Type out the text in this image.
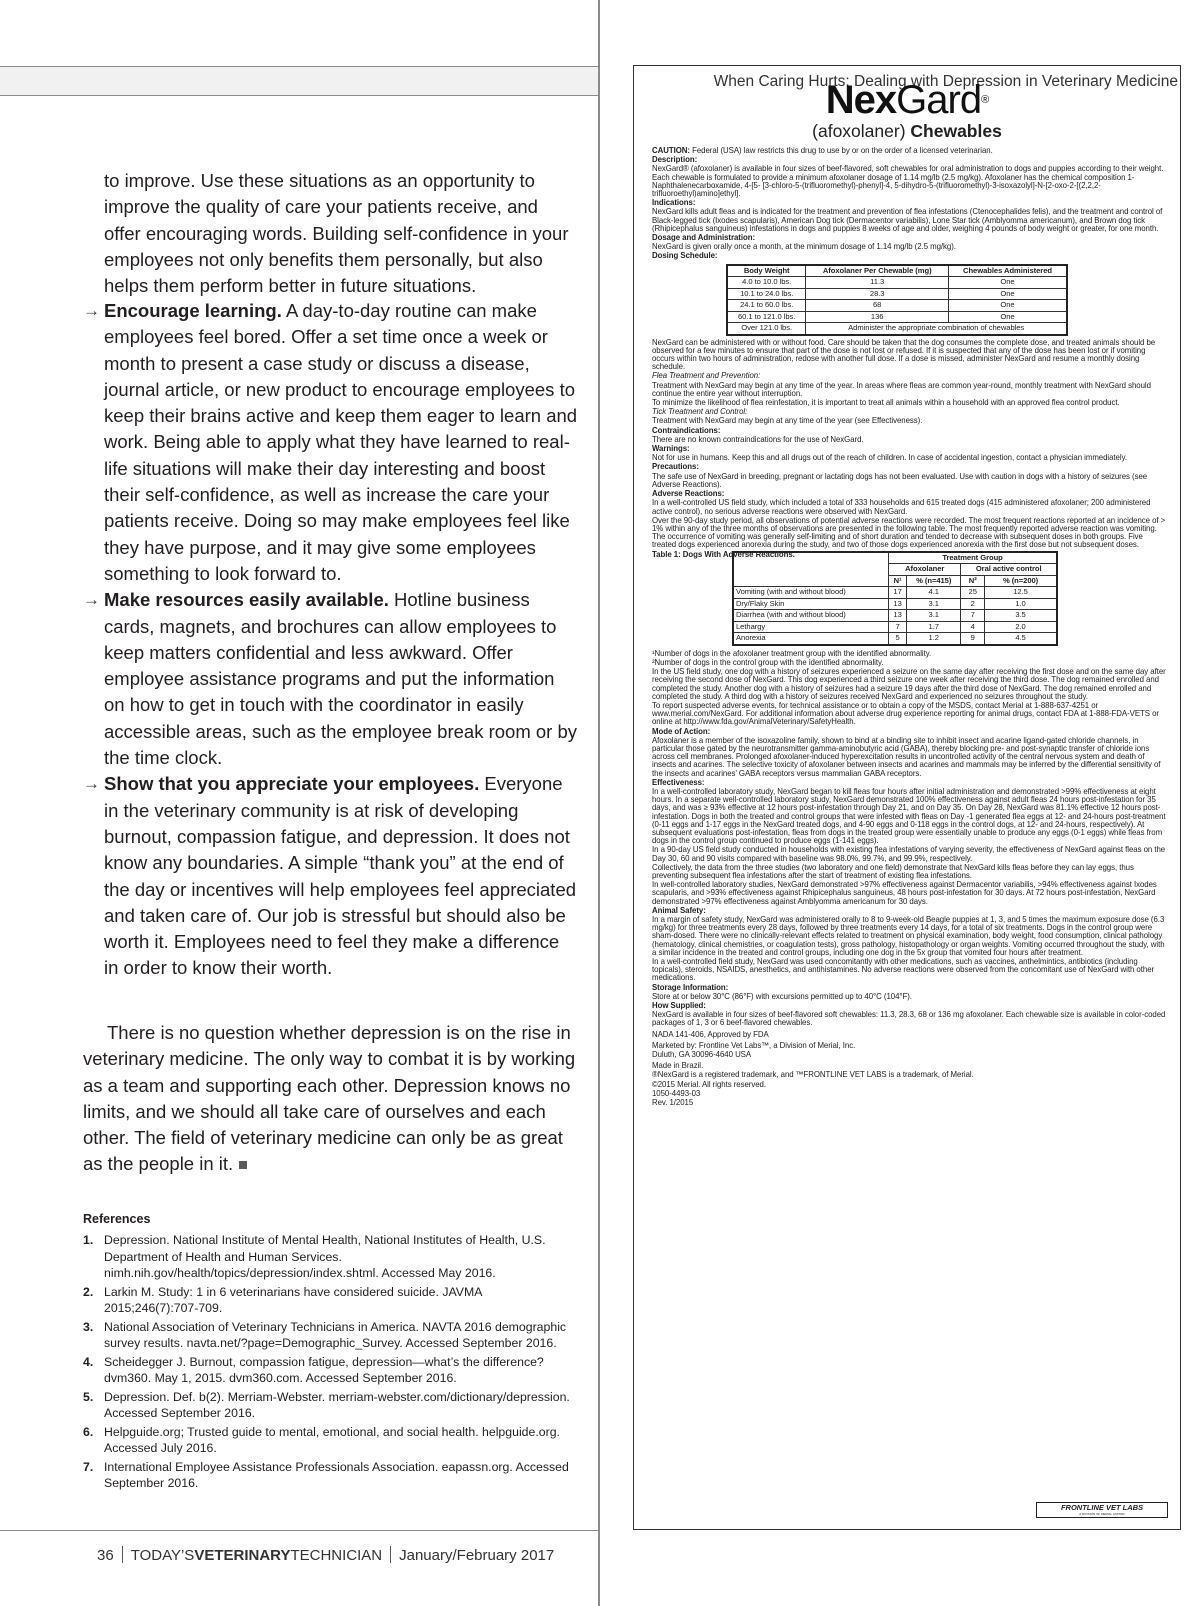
When Caring Hurts: Dealing with Depression in Veterinary Medicine

to improve. Use these situations as an opportunity to improve the quality of care your patients receive, and offer encouraging words. Building self-confidence in your employees not only benefits them personally, but also helps them perform better in future situations.

→ Encourage learning. A day-to-day routine can make employees feel bored. Offer a set time once a week or month to present a case study or discuss a disease, journal article, or new product to encourage employees to keep their brains active and keep them eager to learn and work. Being able to apply what they have learned to real-life situations will make their day interesting and boost their self-confidence, as well as increase the care your patients receive. Doing so may make employees feel like they have purpose, and it may give some employees something to look forward to.
→ Make resources easily available. Hotline business cards, magnets, and brochures can allow employees to keep matters confidential and less awkward. Offer employee assistance programs and put the information on how to get in touch with the coordinator in easily accessible areas, such as the employee break room or by the time clock.
→ Show that you appreciate your employees. Everyone in the veterinary community is at risk of developing burnout, compassion fatigue, and depression. It does not know any boundaries. A simple “thank you” at the end of the day or incentives will help employees feel appreciated and taken care of. Our job is stressful but should also be worth it. Employees need to feel they make a difference in order to know their worth.

There is no question whether depression is on the rise in veterinary medicine. The only way to combat it is by working as a team and supporting each other. Depression knows no limits, and we should all take care of ourselves and each other. The field of veterinary medicine can only be as great as the people in it.

References
1. Depression. National Institute of Mental Health, National Institutes of Health, U.S. Department of Health and Human Services. nimh.nih.gov/health/topics/depression/index.shtml. Accessed May 2016.
2. Larkin M. Study: 1 in 6 veterinarians have considered suicide. JAVMA 2015;246(7):707-709.
3. National Association of Veterinary Technicians in America. NAVTA 2016 demographic survey results. navta.net/?page=Demographic_Survey. Accessed September 2016.
4. Scheidegger J. Burnout, compassion fatigue, depression—what’s the difference? dvm360. May 1, 2015. dvm360.com. Accessed September 2016.
5. Depression. Def. b(2). Merriam-Webster. merriam-webster.com/dictionary/depression. Accessed September 2016.
6. Helpguide.org; Trusted guide to mental, emotional, and social health. helpguide.org. Accessed July 2016.
7. International Employee Assistance Professionals Association. eapassn.org. Accessed September 2016.
36 TODAY’SVETERINARYTECHNICIAN January/February 2017
NexGard®
(afoxolaner) Chewables

CAUTION: Federal (USA) law restricts this drug to use by or on the order of a licensed veterinarian.

Description:

NexGard® (afoxolaner) is available in four sizes of beef-flavored, soft chewables for oral administration to dogs and puppies according to their weight. Each chewable is formulated to provide a minimum afoxolaner dosage of 1.14 mg/lb (2.5 mg/kg). Afoxolaner has the chemical composition 1-Naphthalenecarboxamide, 4-[5- [3-chloro-5-(trifluoromethyl)-phenyl]-4, 5-dihydro-5-(trifluoromethyl)-3-isoxazolyl]-N-[2-oxo-2-[(2,2,2-trifluoroethyl)amino]ethyl].

Indications:

NexGard kills adult fleas and is indicated for the treatment and prevention of flea infestations (Ctenocephalides felis), and the treatment and control of Black-legged tick (Ixodes scapularis), American Dog tick (Dermacentor variabilis), Lone Star tick (Amblyomma americanum), and Brown dog tick (Rhipicephalus sanguineus) infestations in dogs and puppies 8 weeks of age and older, weighing 4 pounds of body weight or greater, for one month.

Dosage and Administration:

NexGard is given orally once a month, at the minimum dosage of 1.14 mg/lb (2.5 mg/kg).

Dosing Schedule:

Body Weight	Afoxolaner Per Chewable (mg)	Chewables Administered
4.0 to 10.0 lbs.	11.3	One
10.1 to 24.0 lbs.	28.3	One
24.1 to 60.0 lbs.	68	One
60.1 to 121.0 lbs.	136	One
Over 121.0 lbs.	Administer the appropriate combination of chewables	

NexGard can be administered with or without food. Care should be taken that the dog consumes the complete dose, and treated animals should be observed for a few minutes to ensure that part of the dose is not lost or refused. If it is suspected that any of the dose has been lost or if vomiting occurs within two hours of administration, redose with another full dose. If a dose is missed, administer NexGard and resume a monthly dosing schedule.

Flea Treatment and Prevention:

Treatment with NexGard may begin at any time of the year. In areas where fleas are common year-round, monthly treatment with NexGard should continue the entire year without interruption.

To minimize the likelihood of flea reinfestation, it is important to treat all animals within a household with an approved flea control product.

Tick Treatment and Control:

Treatment with NexGard may begin at any time of the year (see Effectiveness).

Contraindications:

There are no known contraindications for the use of NexGard.

Warnings:

Not for use in humans. Keep this and all drugs out of the reach of children. In case of accidental ingestion, contact a physician immediately.

Precautions:

The safe use of NexGard in breeding, pregnant or lactating dogs has not been evaluated. Use with caution in dogs with a history of seizures (see Adverse Reactions).

Adverse Reactions:

In a well-controlled US field study, which included a total of 333 households and 615 treated dogs (415 administered afoxolaner; 200 administered active control), no serious adverse reactions were observed with NexGard.

Over the 90-day study period, all observations of potential adverse reactions were recorded. The most frequent reactions reported at an incidence of > 1% within any of the three months of observations are presented in the following table. The most frequently reported adverse reaction was vomiting. The occurrence of vomiting was generally self-limiting and of short duration and tended to decrease with subsequent doses in both groups. Five treated dogs experienced anorexia during the study, and two of those dogs experienced anorexia with the first dose but not subsequent doses.

Table 1: Dogs With Adverse Reactions.

		Treatment Group			
	Afoxolaner		Oral active control	
	N¹	% (n=415)	N²	% (n=200)
Vomiting (with and without blood)	17	4.1	25	12.5
Dry/Flaky Skin	13	3.1	2	1.0
Diarrhea (with and without blood)	13	3.1	7	3.5
Lethargy	7	1.7	4	2.0
Anorexia	5	1.2	9	4.5

¹Number of dogs in the afoxolaner treatment group with the identified abnormality.

²Number of dogs in the control group with the identified abnormality.

In the US field study, one dog with a history of seizures experienced a seizure on the same day after receiving the first dose and on the same day after receiving the second dose of NexGard. This dog experienced a third seizure one week after receiving the third dose. The dog remained enrolled and completed the study. Another dog with a history of seizures had a seizure 19 days after the third dose of NexGard. The dog remained enrolled and completed the study. A third dog with a history of seizures received NexGard and experienced no seizures throughout the study.

To report suspected adverse events, for technical assistance or to obtain a copy of the MSDS, contact Merial at 1-888-637-4251 or www.merial.com/NexGard. For additional information about adverse drug experience reporting for animal drugs, contact FDA at 1-888-FDA-VETS or online at http://www.fda.gov/AnimalVeterinary/SafetyHealth.

Mode of Action:

Afoxolaner is a member of the isoxazoline family, shown to bind at a binding site to inhibit insect and acarine ligand-gated chloride channels, in particular those gated by the neurotransmitter gamma-aminobutyric acid (GABA), thereby blocking pre- and post-synaptic transfer of chloride ions across cell membranes. Prolonged afoxolaner-induced hyperexcitation results in uncontrolled activity of the central nervous system and death of insects and acarines. The selective toxicity of afoxolaner between insects and acarines and mammals may be inferred by the differential sensitivity of the insects and acarines’ GABA receptors versus mammalian GABA receptors.

Effectiveness:

In a well-controlled laboratory study, NexGard began to kill fleas four hours after initial administration and demonstrated >99% effectiveness at eight hours. In a separate well-controlled laboratory study, NexGard demonstrated 100% effectiveness against adult fleas 24 hours post-infestation for 35 days, and was ≥ 93% effective at 12 hours post-infestation through Day 21, and on Day 35. On Day 28, NexGard was 81.1% effective 12 hours post-infestation. Dogs in both the treated and control groups that were infested with fleas on Day -1 generated flea eggs at 12- and 24-hours post-treatment (0-11 eggs and 1-17 eggs in the NexGard treated dogs, and 4-90 eggs and 0-118 eggs in the control dogs, at 12- and 24-hours, respectively). At subsequent evaluations post-infestation, fleas from dogs in the treated group were essentially unable to produce any eggs (0-1 eggs) while fleas from dogs in the control group continued to produce eggs (1-141 eggs).

In a 90-day US field study conducted in households with existing flea infestations of varying severity, the effectiveness of NexGard against fleas on the Day 30, 60 and 90 visits compared with baseline was 98.0%, 99.7%, and 99.9%, respectively.

Collectively, the data from the three studies (two laboratory and one field) demonstrate that NexGard kills fleas before they can lay eggs, thus preventing subsequent flea infestations after the start of treatment of existing flea infestations.

In well-controlled laboratory studies, NexGard demonstrated >97% effectiveness against Dermacentor variabilis, >94% effectiveness against Ixodes scapularis, and >93% effectiveness against Rhipicephalus sanguineus, 48 hours post-infestation for 30 days. At 72 hours post-infestation, NexGard demonstrated >97% effectiveness against Amblyomma americanum for 30 days.

Animal Safety:

In a margin of safety study, NexGard was administered orally to 8 to 9-week-old Beagle puppies at 1, 3, and 5 times the maximum exposure dose (6.3 mg/kg) for three treatments every 28 days, followed by three treatments every 14 days, for a total of six treatments. Dogs in the control group were sham-dosed. There were no clinically-relevant effects related to treatment on physical examination, body weight, food consumption, clinical pathology (hematology, clinical chemistries, or coagulation tests), gross pathology, histopathology or organ weights. Vomiting occurred throughout the study, with a similar incidence in the treated and control groups, including one dog in the 5x group that vomited four hours after treatment.

In a well-controlled field study, NexGard was used concomitantly with other medications, such as vaccines, anthelmintics, antibiotics (including topicals), steroids, NSAIDS, anesthetics, and antihistamines. No adverse reactions were observed from the concomitant use of NexGard with other medications.

Storage Information:

Store at or below 30°C (86°F) with excursions permitted up to 40°C (104°F).

How Supplied:

NexGard is available in four sizes of beef-flavored soft chewables: 11.3, 28.3, 68 or 136 mg afoxolaner. Each chewable size is available in color-coded packages of 1, 3 or 6 beef-flavored chewables.

NADA 141-406, Approved by FDA

Marketed by: Frontline Vet Labs™, a Division of Merial, Inc.

Duluth, GA 30096-4640 USA

Made in Brazil.

®NexGard is a registered trademark, and ™FRONTLINE VET LABS is a trademark, of Merial.

©2015 Merial. All rights reserved.

1050-4493-03

Rev. 1/2015

FRONTLINE VET LABS
A DIVISION OF MERIAL LIMITED
